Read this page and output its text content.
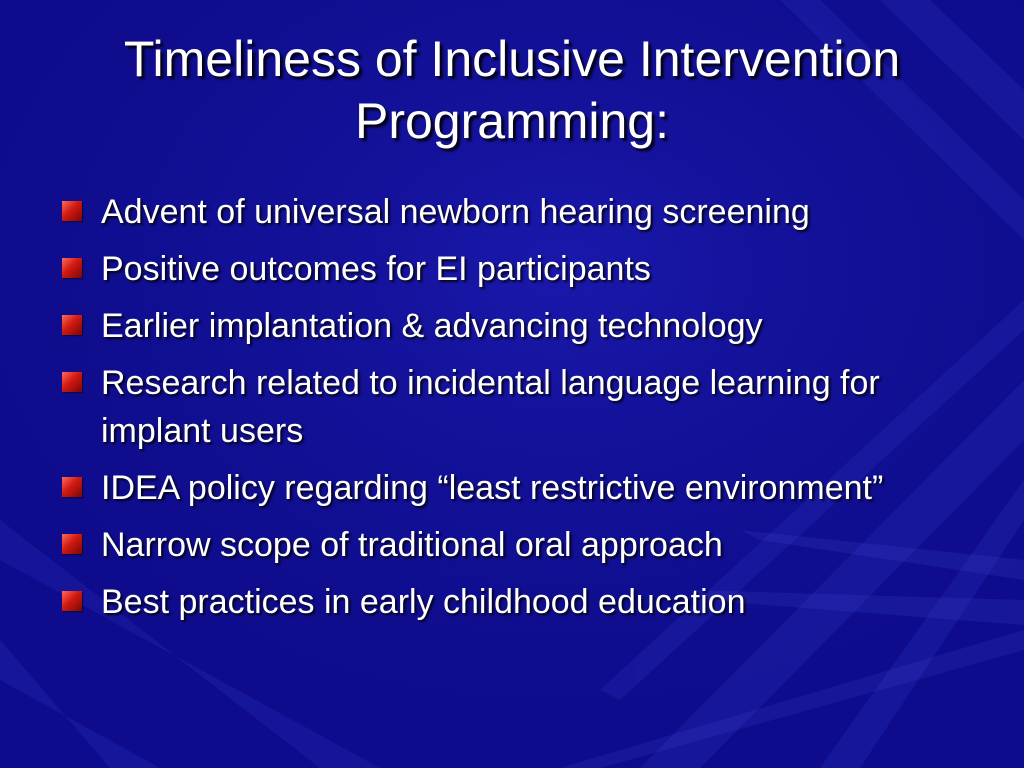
Timeliness of Inclusive Intervention Programming:
Advent of universal newborn hearing screening
Positive outcomes for EI participants
Earlier implantation & advancing technology
Research related to incidental language learning for implant users
IDEA policy regarding “least restrictive environment”
Narrow scope of traditional oral approach
Best practices in early childhood education
